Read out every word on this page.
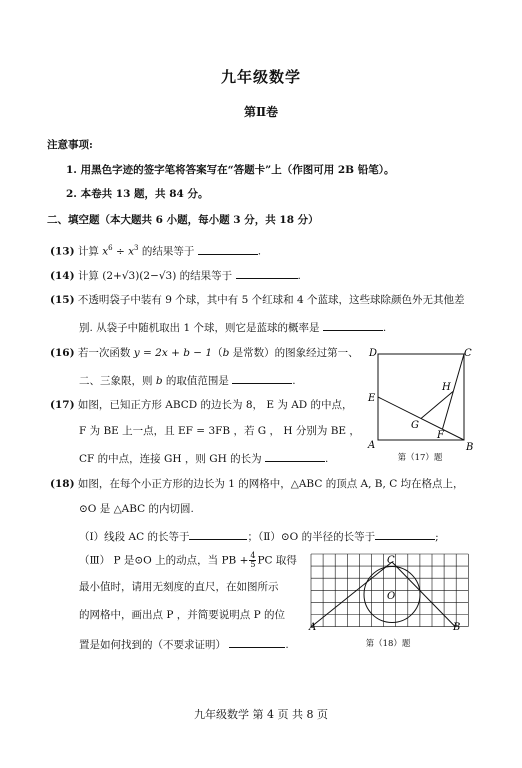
九年级数学
第Ⅱ卷
注意事项:
1. 用黑色字迹的签字笔将答案写在“答题卡”上（作图可用 2B 铅笔）。
2. 本卷共 13 题，共 84 分。
二、填空题（本大题共 6 小题，每小题 3 分，共 18 分）
(13) 计算 $x^6 \div x^3$ 的结果等于	.
(14) 计算 (2+√3)(2−√3) 的结果等于	.
(15) 不透明袋子中装有 9 个球，其中有 5 个红球和 4 个蓝球，这些球除颜色外无其他差
别. 从袋子中随机取出 1 个球，则它是蓝球的概率是	.
(16) 若一次函数 y = 2x + b − 1（b 是常数）的图象经过第一、
二、三象限，则 b 的取值范围是	.
(17) 如图，已知正方形 ABCD 的边长为 8， E 为 AD 的中点，
F 为 BE 上一点，且 EF = 3FB ，若 G ， H 分别为 BE ，
CF 的中点，连接 GH ，则 GH 的长为	.
A	B
C
D
E
F
G
H
第（17）题
(18) 如图，在每个小正方形的边长为 1 的网格中，△ABC 的顶点 A, B, C 均在格点上，
⊙O 是 △ABC 的内切圆.
（Ⅰ）线段 AC 的长等于	；（Ⅱ）⊙O 的半径的长等于	;
（Ⅲ） P 是⊙O 上的动点，当 PB + $\frac{4}{5}$ PC 取得
最小值时，请用无刻度的直尺，在如图所示
的网格中，画出点 P ，并简要说明点 P 的位
置是如何找到的（不要求证明）	.
A	B
C
O
第（18）题
九年级数学 第 4 页 共 8 页
